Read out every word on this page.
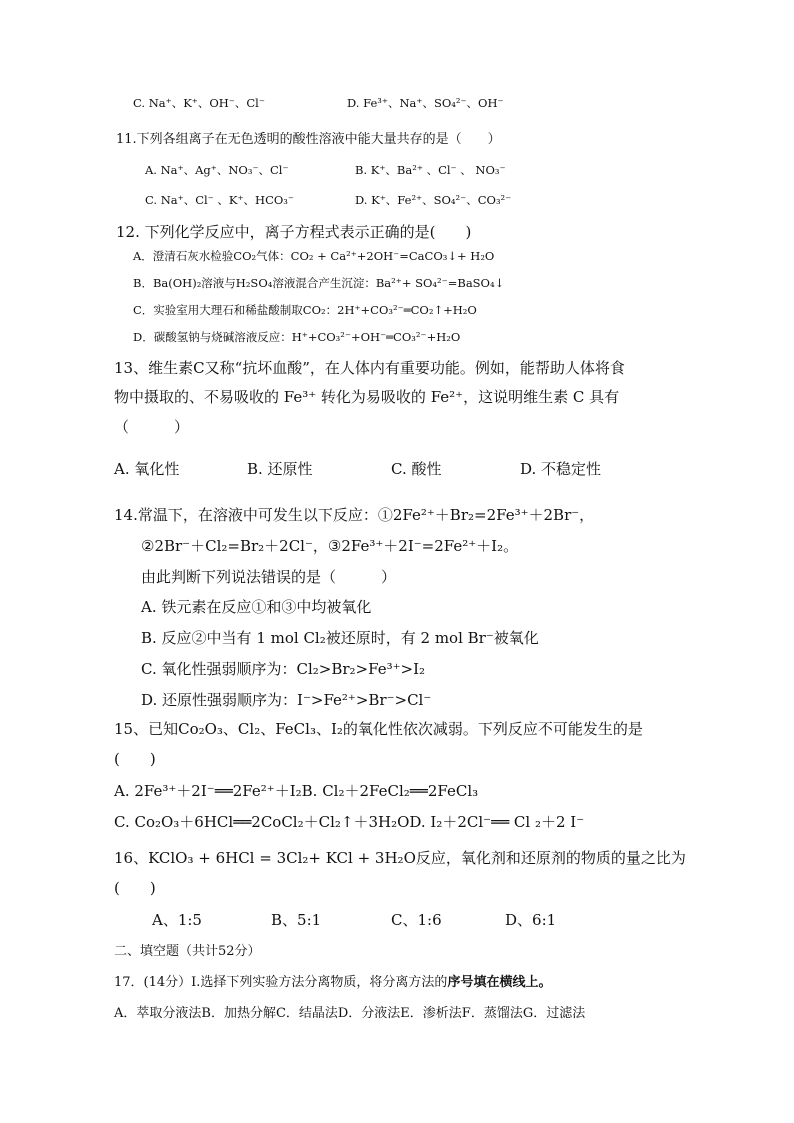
C. Na⁺、K⁺、OH⁻、Cl⁻	D. Fe³⁺、Na⁺、SO₄²⁻、OH⁻
11.下列各组离子在无色透明的酸性溶液中能大量共存的是（　　）
A. Na⁺、Ag⁺、NO₃⁻、Cl⁻	B. K⁺、Ba²⁺ 、Cl⁻ 、 NO₃⁻
C. Na⁺、Cl⁻ 、K⁺、HCO₃⁻	D. K⁺、Fe²⁺、SO₄²⁻、CO₃²⁻
12. 下列化学反应中，离子方程式表示正确的是(　　)
A．澄清石灰水检验CO₂气体：CO₂ + Ca²⁺+2OH⁻=CaCO₃↓+ H₂O
B．Ba(OH)₂溶液与H₂SO₄溶液混合产生沉淀：Ba²⁺+ SO₄²⁻=BaSO₄↓
C．实验室用大理石和稀盐酸制取CO₂：2H⁺+CO₃²⁻═CO₂↑+H₂O
D．碳酸氢钠与烧碱溶液反应：H⁺+CO₃²⁻+OH⁻═CO₃²⁻+H₂O
13、维生素C又称“抗坏血酸”，在人体内有重要功能。例如，能帮助人体将食
物中摄取的、不易吸收的 Fe³⁺ 转化为易吸收的 Fe²⁺，这说明维生素 C 具有
（　　　）
A. 氧化性	B. 还原性	C. 酸性	D. 不稳定性
14.常温下，在溶液中可发生以下反应：①2Fe²⁺＋Br₂=2Fe³⁺＋2Br⁻，
②2Br⁻＋Cl₂=Br₂＋2Cl⁻，③2Fe³⁺＋2I⁻=2Fe²⁺＋I₂。
由此判断下列说法错误的是（　　　）
A. 铁元素在反应①和③中均被氧化
B. 反应②中当有 1 mol Cl₂被还原时，有 2 mol Br⁻被氧化
C. 氧化性强弱顺序为：Cl₂>Br₂>Fe³⁺>I₂
D. 还原性强弱顺序为：I⁻>Fe²⁺>Br⁻>Cl⁻
15、已知Co₂O₃、Cl₂、FeCl₃、I₂的氧化性依次减弱。下列反应不可能发生的是
(　　)
A. 2Fe³⁺＋2I⁻══2Fe²⁺＋I₂B. Cl₂＋2FeCl₂══2FeCl₃
C. Co₂O₃＋6HCl══2CoCl₂＋Cl₂↑＋3H₂OD. I₂＋2Cl⁻══ Cl ₂＋2 I⁻
16、KClO₃ + 6HCl = 3Cl₂+ KCl + 3H₂O反应，氧化剂和还原剂的物质的量之比为
(　　)
A、1:5	B、5:1	C、1:6	D、6:1
二、填空题（共计52分）
17．(14分）Ⅰ.选择下列实验方法分离物质，将分离方法的序号填在横线上。
A．萃取分液法B．加热分解C．结晶法D．分液法E．渗析法F．蒸馏法G．过滤法
